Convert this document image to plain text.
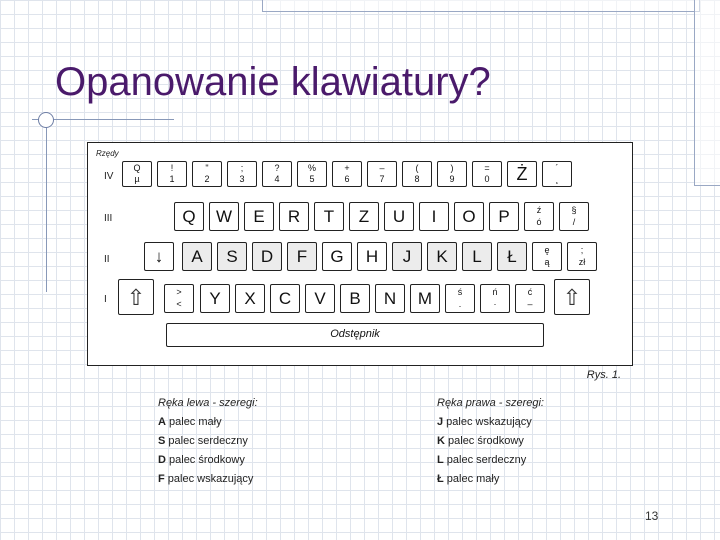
Opanowanie klawiatury?
Rzędy
IV
III
II
I
Q
µ
!
1
"
2
;
3
?
4
%
5
+
6
–
7
(
8
)
9
=
0	Ż	´
¸
Q	W	E	R	T	Z	U	I	O	P	ź
ó
§
/
↓	A	S	D	F	G	H	J	K	L	Ł	ę
ą
;
zł
⇧	>
<	Y	X	C	V	B	N	M	ś
.
ń
·
ć
–	⇧
Odstępnik
Rys. 1.
Ręka lewa - szeregi:
A palec mały
S palec serdeczny
D palec środkowy
F palec wskazujący
Ręka prawa - szeregi:
J palec wskazujący
K palec środkowy
L palec serdeczny
Ł palec mały
13
